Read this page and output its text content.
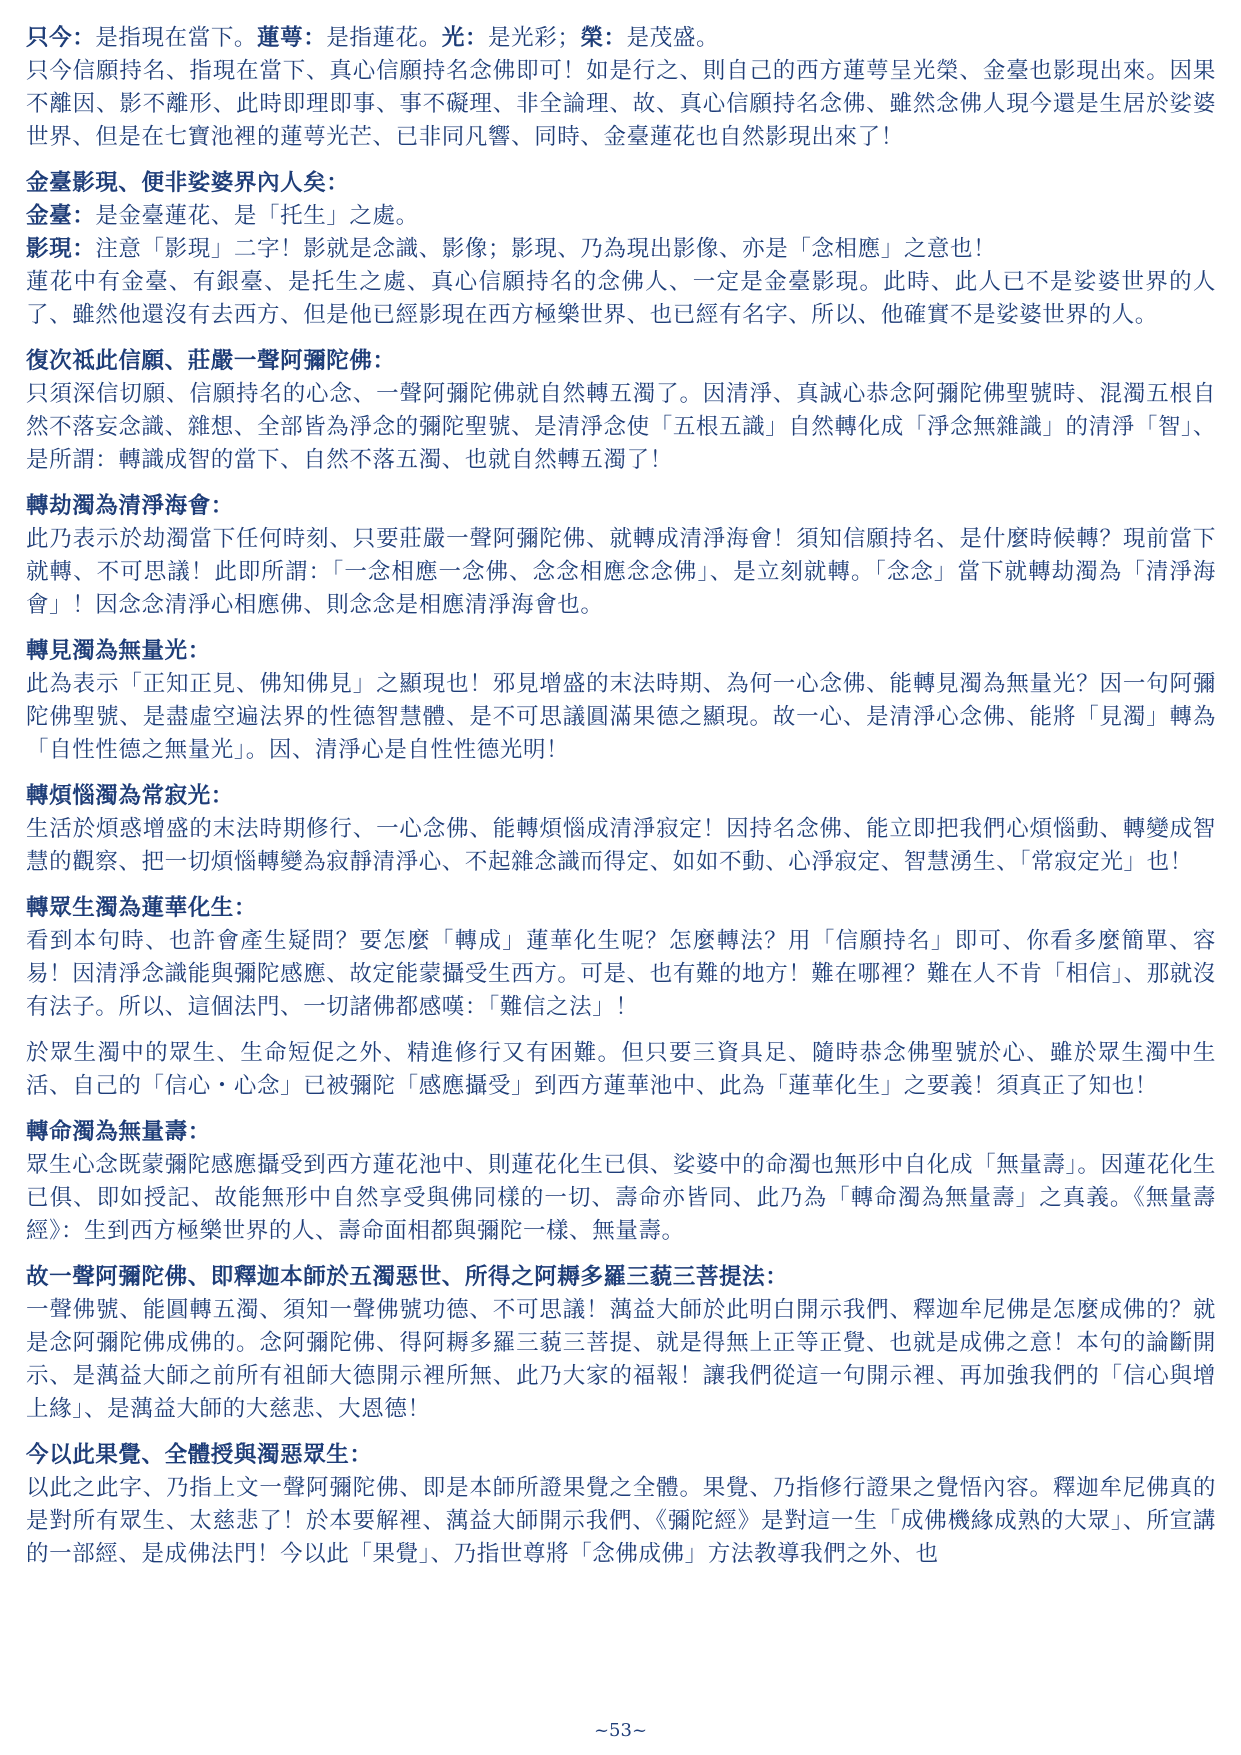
只今：是指現在當下。蓮萼：是指蓮花。光：是光彩；榮：是茂盛。

只今信願持名、指現在當下、真心信願持名念佛即可！如是行之、則自己的西方蓮萼呈光榮、金臺也影現出來。因果不離因、影不離形、此時即理即事、事不礙理、非全論理、故、真心信願持名念佛、雖然念佛人現今還是生居於娑婆世界、但是在七寶池裡的蓮萼光芒、已非同凡響、同時、金臺蓮花也自然影現出來了！

金臺影現、便非娑婆界內人矣：

金臺：是金臺蓮花、是「托生」之處。

影現：注意「影現」二字！影就是念識、影像；影現、乃為現出影像、亦是「念相應」之意也！

蓮花中有金臺、有銀臺、是托生之處、真心信願持名的念佛人、一定是金臺影現。此時、此人已不是娑婆世界的人了、雖然他還沒有去西方、但是他已經影現在西方極樂世界、也已經有名字、所以、他確實不是娑婆世界的人。

復次祗此信願、莊嚴一聲阿彌陀佛：

只須深信切願、信願持名的心念、一聲阿彌陀佛就自然轉五濁了。因清淨、真誠心恭念阿彌陀佛聖號時、混濁五根自然不落妄念識、雜想、全部皆為淨念的彌陀聖號、是清淨念使「五根五識」自然轉化成「淨念無雜識」的清淨「智」、是所謂：轉識成智的當下、自然不落五濁、也就自然轉五濁了！

轉劫濁為清淨海會：

此乃表示於劫濁當下任何時刻、只要莊嚴一聲阿彌陀佛、就轉成清淨海會！須知信願持名、是什麼時候轉？現前當下就轉、不可思議！此即所謂：「一念相應一念佛、念念相應念念佛」、是立刻就轉。「念念」當下就轉劫濁為「清淨海會」！因念念清淨心相應佛、則念念是相應清淨海會也。

轉見濁為無量光：

此為表示「正知正見、佛知佛見」之顯現也！邪見增盛的末法時期、為何一心念佛、能轉見濁為無量光？因一句阿彌陀佛聖號、是盡虛空遍法界的性德智慧體、是不可思議圓滿果德之顯現。故一心、是清淨心念佛、能將「見濁」轉為「自性性德之無量光」。因、清淨心是自性性德光明！

轉煩惱濁為常寂光：

生活於煩惑增盛的末法時期修行、一心念佛、能轉煩惱成清淨寂定！因持名念佛、能立即把我們心煩惱動、轉變成智慧的觀察、把一切煩惱轉變為寂靜清淨心、不起雜念識而得定、如如不動、心淨寂定、智慧湧生、「常寂定光」也！

轉眾生濁為蓮華化生：

看到本句時、也許會產生疑問？要怎麼「轉成」蓮華化生呢？怎麼轉法？用「信願持名」即可、你看多麼簡單、容易！因清淨念識能與彌陀感應、故定能蒙攝受生西方。可是、也有難的地方！難在哪裡？難在人不肯「相信」、那就沒有法子。所以、這個法門、一切諸佛都感嘆：「難信之法」！

於眾生濁中的眾生、生命短促之外、精進修行又有困難。但只要三資具足、隨時恭念佛聖號於心、雖於眾生濁中生活、自己的「信心・心念」已被彌陀「感應攝受」到西方蓮華池中、此為「蓮華化生」之要義！須真正了知也！

轉命濁為無量壽：

眾生心念既蒙彌陀感應攝受到西方蓮花池中、則蓮花化生已俱、娑婆中的命濁也無形中自化成「無量壽」。因蓮花化生已俱、即如授記、故能無形中自然享受與佛同樣的一切、壽命亦皆同、此乃為「轉命濁為無量壽」之真義。《無量壽經》：生到西方極樂世界的人、壽命面相都與彌陀一樣、無量壽。

故一聲阿彌陀佛、即釋迦本師於五濁惡世、所得之阿耨多羅三藐三菩提法：

一聲佛號、能圓轉五濁、須知一聲佛號功德、不可思議！蕅益大師於此明白開示我們、釋迦牟尼佛是怎麼成佛的？就是念阿彌陀佛成佛的。念阿彌陀佛、得阿耨多羅三藐三菩提、就是得無上正等正覺、也就是成佛之意！本句的論斷開示、是蕅益大師之前所有祖師大德開示裡所無、此乃大家的福報！讓我們從這一句開示裡、再加強我們的「信心與增上緣」、是蕅益大師的大慈悲、大恩德！

今以此果覺、全體授與濁惡眾生：

以此之此字、乃指上文一聲阿彌陀佛、即是本師所證果覺之全體。果覺、乃指修行證果之覺悟內容。釋迦牟尼佛真的是對所有眾生、太慈悲了！於本要解裡、蕅益大師開示我們、《彌陀經》是對這一生「成佛機緣成熟的大眾」、所宣講的一部經、是成佛法門！今以此「果覺」、乃指世尊將「念佛成佛」方法教導我們之外、也

~53~
